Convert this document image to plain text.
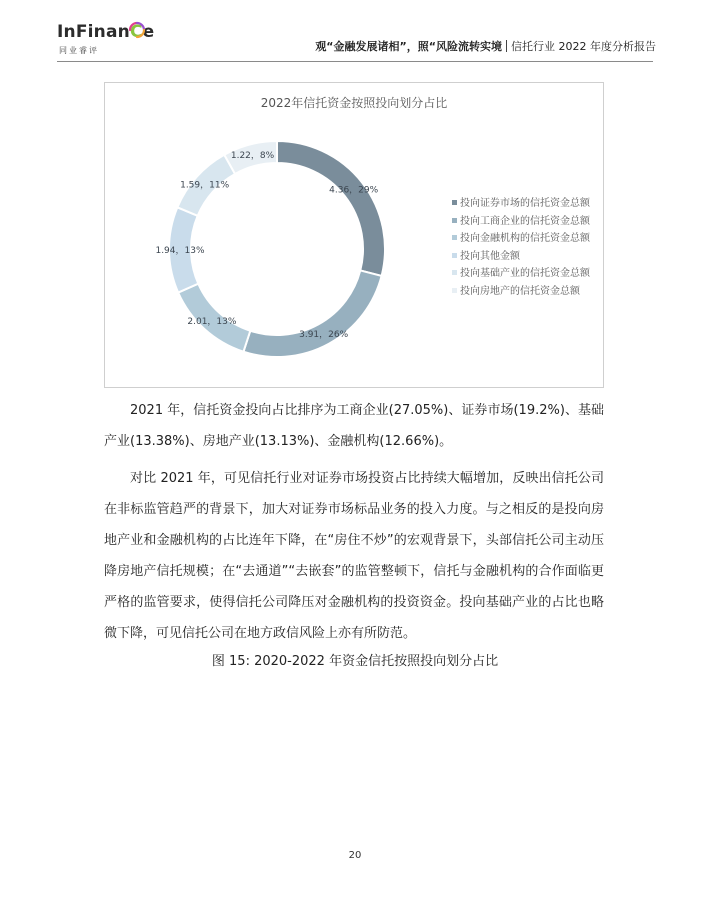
InFinanCe
同业睿评	观“金融发展诸相”，照“风险流转实境 信托行业 2022 年度分析报告
2022年信托资金按照投向划分占比
4.36，29%
3.91，26%
2.01，13%
1.94，13%
1.59，11%
1.22，8%
投向证券市场的信托资金总额
投向工商企业的信托资金总额
投向金融机构的信托资金总额
投向其他金额
投向基础产业的信托资金总额
投向房地产的信托资金总额

2021 年，信托资金投向占比排序为工商企业(27.05%)、证券市场(19.2%)、基础产业(13.38%)、房地产业(13.13%)、金融机构(12.66%)。

对比 2021 年，可见信托行业对证券市场投资占比持续大幅增加，反映出信托公司在非标监管趋严的背景下，加大对证券市场标品业务的投入力度。与之相反的是投向房地产业和金融机构的占比连年下降，在“房住不炒”的宏观背景下，头部信托公司主动压降房地产信托规模；在“去通道”“去嵌套”的监管整顿下，信托与金融机构的合作面临更严格的监管要求，使得信托公司降压对金融机构的投资资金。投向基础产业的占比也略微下降，可见信托公司在地方政信风险上亦有所防范。

图 15: 2020-2022 年资金信托按照投向划分占比
20
